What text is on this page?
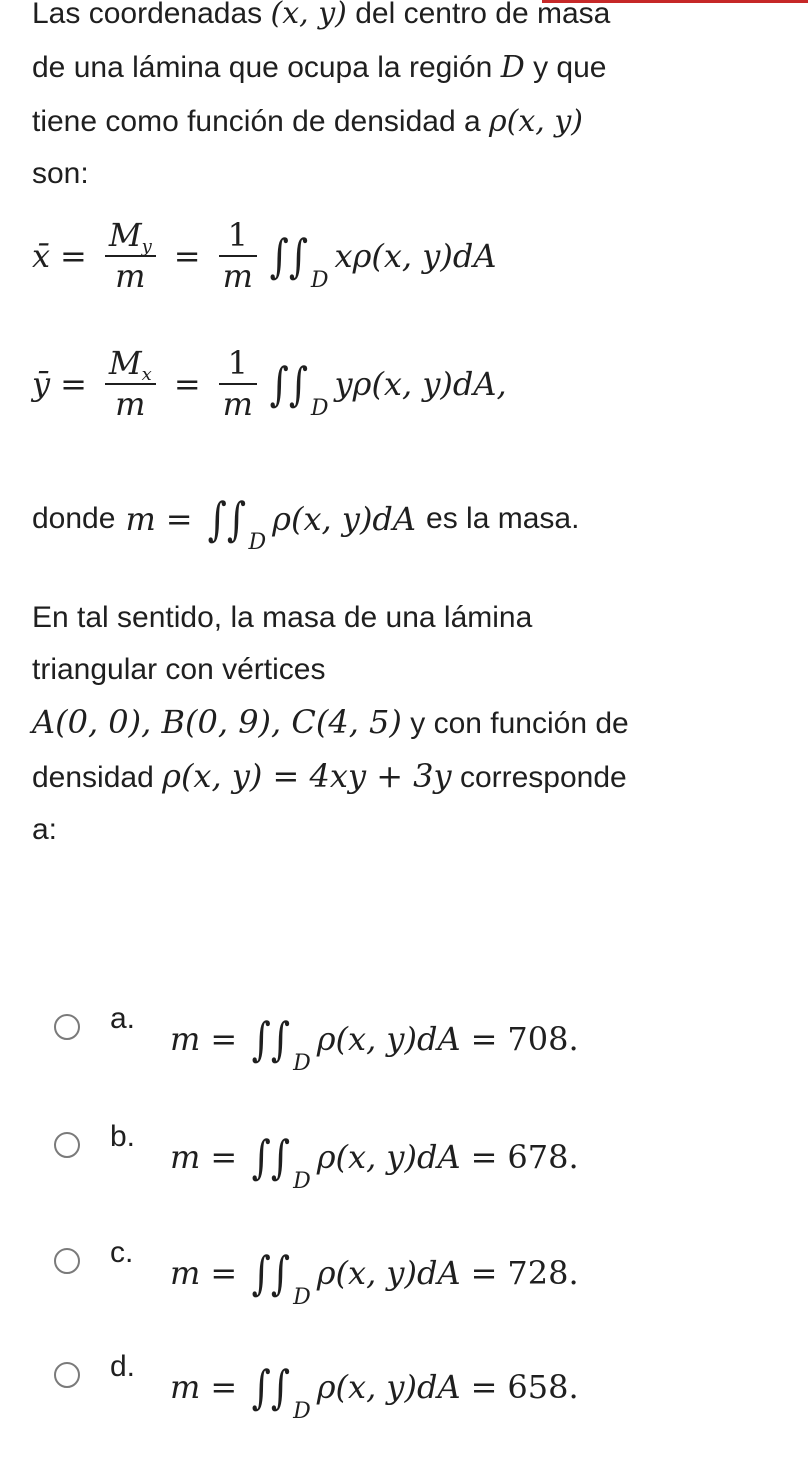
Las coordenadas (x, y) del centro de masa
de una lámina que ocupa la región D y que
tiene como función de densidad a ρ(x, y)
son:
x̄ = $\frac{My}{m} = \frac{1}{m}$ ∫∫ D
xρ(x, y)dA
ȳ = $\frac{Mx}{m} = \frac{1}{m}$ ∫∫ D
yρ(x, y)dA,
donde m = ∫∫ D
ρ(x, y)dA es la masa.
En tal sentido, la masa de una lámina
triangular con vértices
A(0, 0), B(0, 9), C(4, 5) y con función de
densidad ρ(x, y) = 4xy + 3y corresponde
a:
a.
m = ∫∫ D
ρ(x, y)dA = 708.
b.
m = ∫∫ D
ρ(x, y)dA = 678.
c.
m = ∫∫ D
ρ(x, y)dA = 728.
d.
m = ∫∫ D
ρ(x, y)dA = 658.
